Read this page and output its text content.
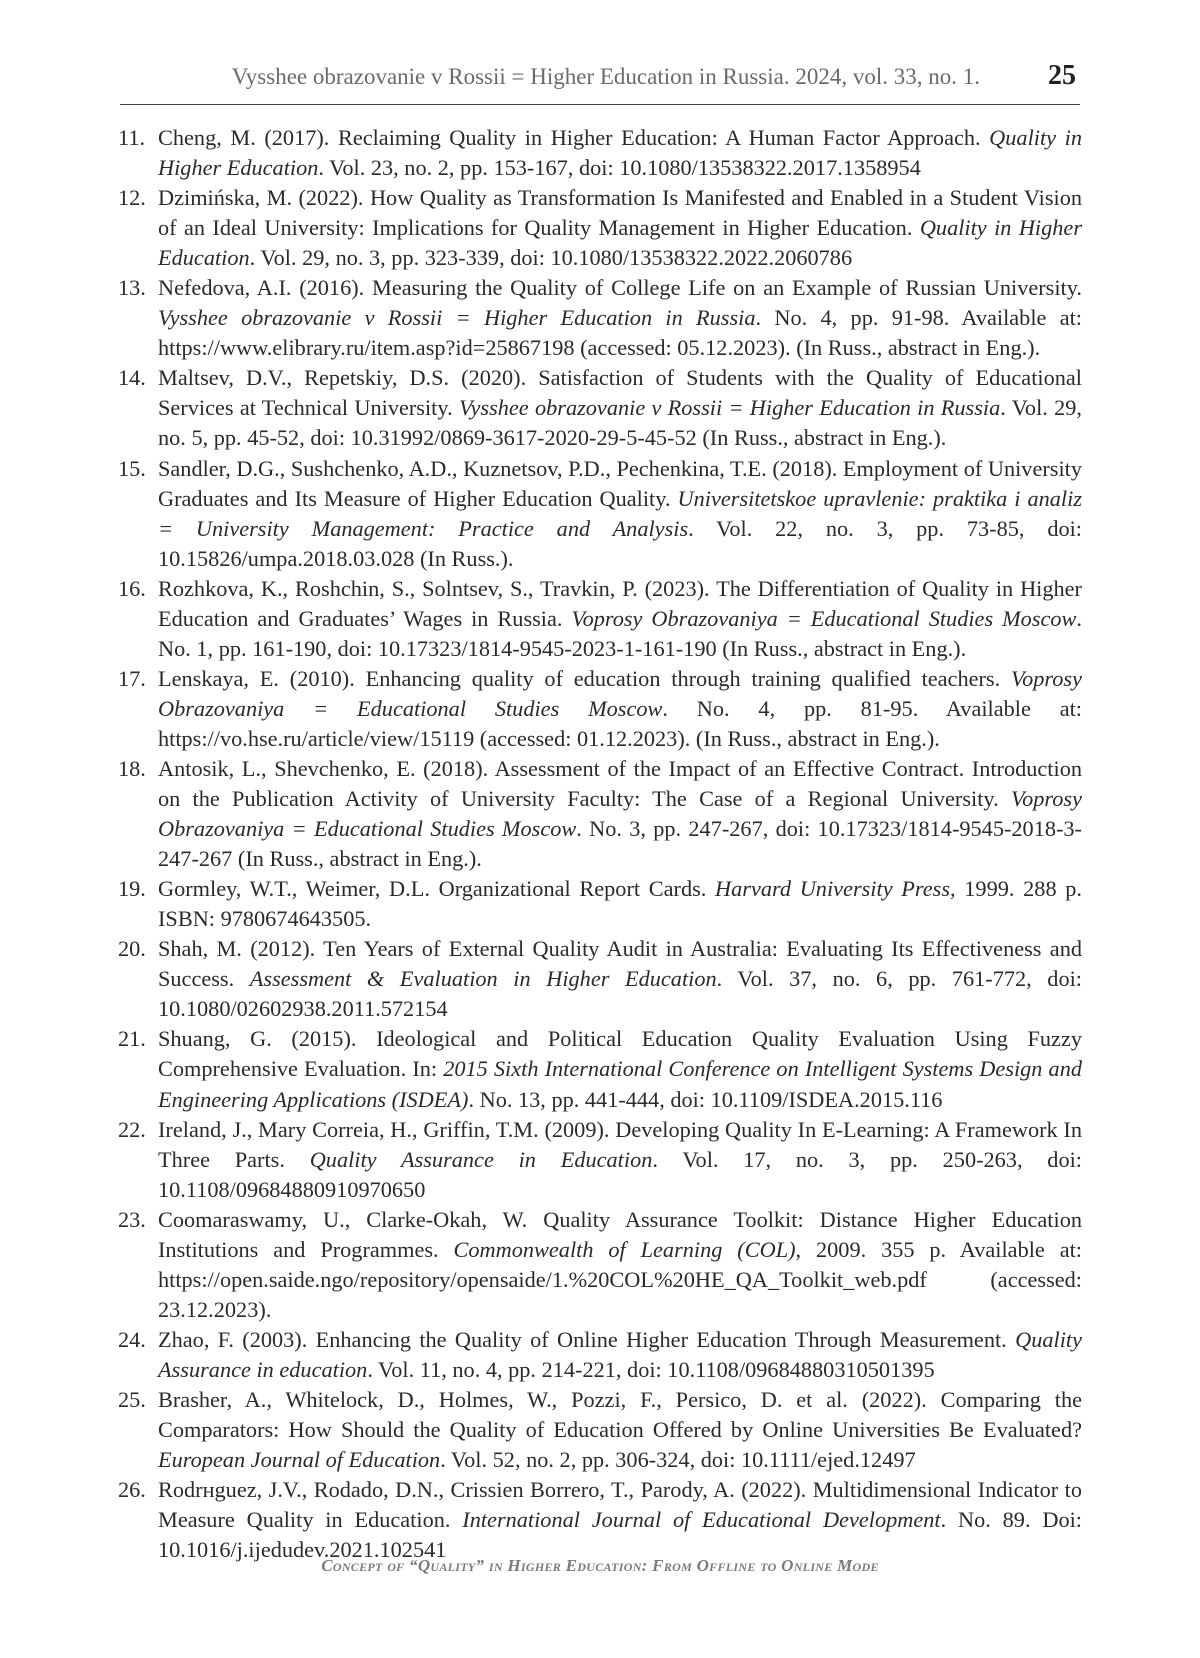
Vysshee obrazovanie v Rossii = Higher Education in Russia. 2024, vol. 33, no. 1. 25
11. Cheng, M. (2017). Reclaiming Quality in Higher Education: A Human Factor Approach. Quality in Higher Education. Vol. 23, no. 2, pp. 153-167, doi: 10.1080/13538322.2017.1358954
12. Dzimińska, M. (2022). How Quality as Transformation Is Manifested and Enabled in a Student Vision of an Ideal University: Implications for Quality Management in Higher Education. Quality in Higher Education. Vol. 29, no. 3, pp. 323-339, doi: 10.1080/13538322.2022.2060786
13. Nefedova, A.I. (2016). Measuring the Quality of College Life on an Example of Russian University. Vysshee obrazovanie v Rossii = Higher Education in Russia. No. 4, pp. 91-98. Available at: https://www.elibrary.ru/item.asp?id=25867198 (accessed: 05.12.2023). (In Russ., abstract in Eng.).
14. Maltsev, D.V., Repetskiy, D.S. (2020). Satisfaction of Students with the Quality of Educational Services at Technical University. Vysshee obrazovanie v Rossii = Higher Education in Russia. Vol. 29, no. 5, pp. 45-52, doi: 10.31992/0869-3617-2020-29-5-45-52 (In Russ., abstract in Eng.).
15. Sandler, D.G., Sushchenko, A.D., Kuznetsov, P.D., Pechenkina, T.E. (2018). Employment of University Graduates and Its Measure of Higher Education Quality. Universitetskoe upravlenie: praktika i analiz = University Management: Practice and Analysis. Vol. 22, no. 3, pp. 73-85, doi: 10.15826/umpa.2018.03.028 (In Russ.).
16. Rozhkova, K., Roshchin, S., Solntsev, S., Travkin, P. (2023). The Differentiation of Quality in Higher Education and Graduates’ Wages in Russia. Voprosy Obrazovaniya = Educational Studies Moscow. No. 1, pp. 161-190, doi: 10.17323/1814-9545-2023-1-161-190 (In Russ., abstract in Eng.).
17. Lenskaya, E. (2010). Enhancing quality of education through training qualified teachers. Voprosy Obrazovaniya = Educational Studies Moscow. No. 4, pp. 81-95. Available at: https://vo.hse.ru/article/view/15119 (accessed: 01.12.2023). (In Russ., abstract in Eng.).
18. Antosik, L., Shevchenko, E. (2018). Assessment of the Impact of an Effective Contract. Introduction on the Publication Activity of University Faculty: The Case of a Regional University. Voprosy Obrazovaniya = Educational Studies Moscow. No. 3, pp. 247-267, doi: 10.17323/1814-9545-2018-3-247-267 (In Russ., abstract in Eng.).
19. Gormley, W.T., Weimer, D.L. Organizational Report Cards. Harvard University Press, 1999. 288 p. ISBN: 9780674643505.
20. Shah, M. (2012). Ten Years of External Quality Audit in Australia: Evaluating Its Effectiveness and Success. Assessment & Evaluation in Higher Education. Vol. 37, no. 6, pp. 761-772, doi: 10.1080/02602938.2011.572154
21. Shuang, G. (2015). Ideological and Political Education Quality Evaluation Using Fuzzy Comprehensive Evaluation. In: 2015 Sixth International Conference on Intelligent Systems Design and Engineering Applications (ISDEA). No. 13, pp. 441-444, doi: 10.1109/ISDEA.2015.116
22. Ireland, J., Mary Correia, H., Griffin, T.M. (2009). Developing Quality In E-Learning: A Framework In Three Parts. Quality Assurance in Education. Vol. 17, no. 3, pp. 250-263, doi: 10.1108/09684880910970650
23. Coomaraswamy, U., Clarke-Okah, W. Quality Assurance Toolkit: Distance Higher Education Institutions and Programmes. Commonwealth of Learning (COL), 2009. 355 p. Available at: https://open.saide.ngo/repository/opensaide/1.%20COL%20HE_QA_Toolkit_web.pdf (accessed: 23.12.2023).
24. Zhao, F. (2003). Enhancing the Quality of Online Higher Education Through Measurement. Quality Assurance in education. Vol. 11, no. 4, pp. 214-221, doi: 10.1108/09684880310501395
25. Brasher, A., Whitelock, D., Holmes, W., Pozzi, F., Persico, D. et al. (2022). Comparing the Comparators: How Should the Quality of Education Offered by Online Universities Be Evaluated? European Journal of Education. Vol. 52, no. 2, pp. 306-324, doi: 10.1111/ejed.12497
26. Rodrнguez, J.V., Rodado, D.N., Crissien Borrero, T., Parody, A. (2022). Multidimensional Indicator to Measure Quality in Education. International Journal of Educational Development. No. 89. Doi: 10.1016/j.ijedudev.2021.102541
Concept of “Quality” in Higher Education: From Offline to Online Mode
